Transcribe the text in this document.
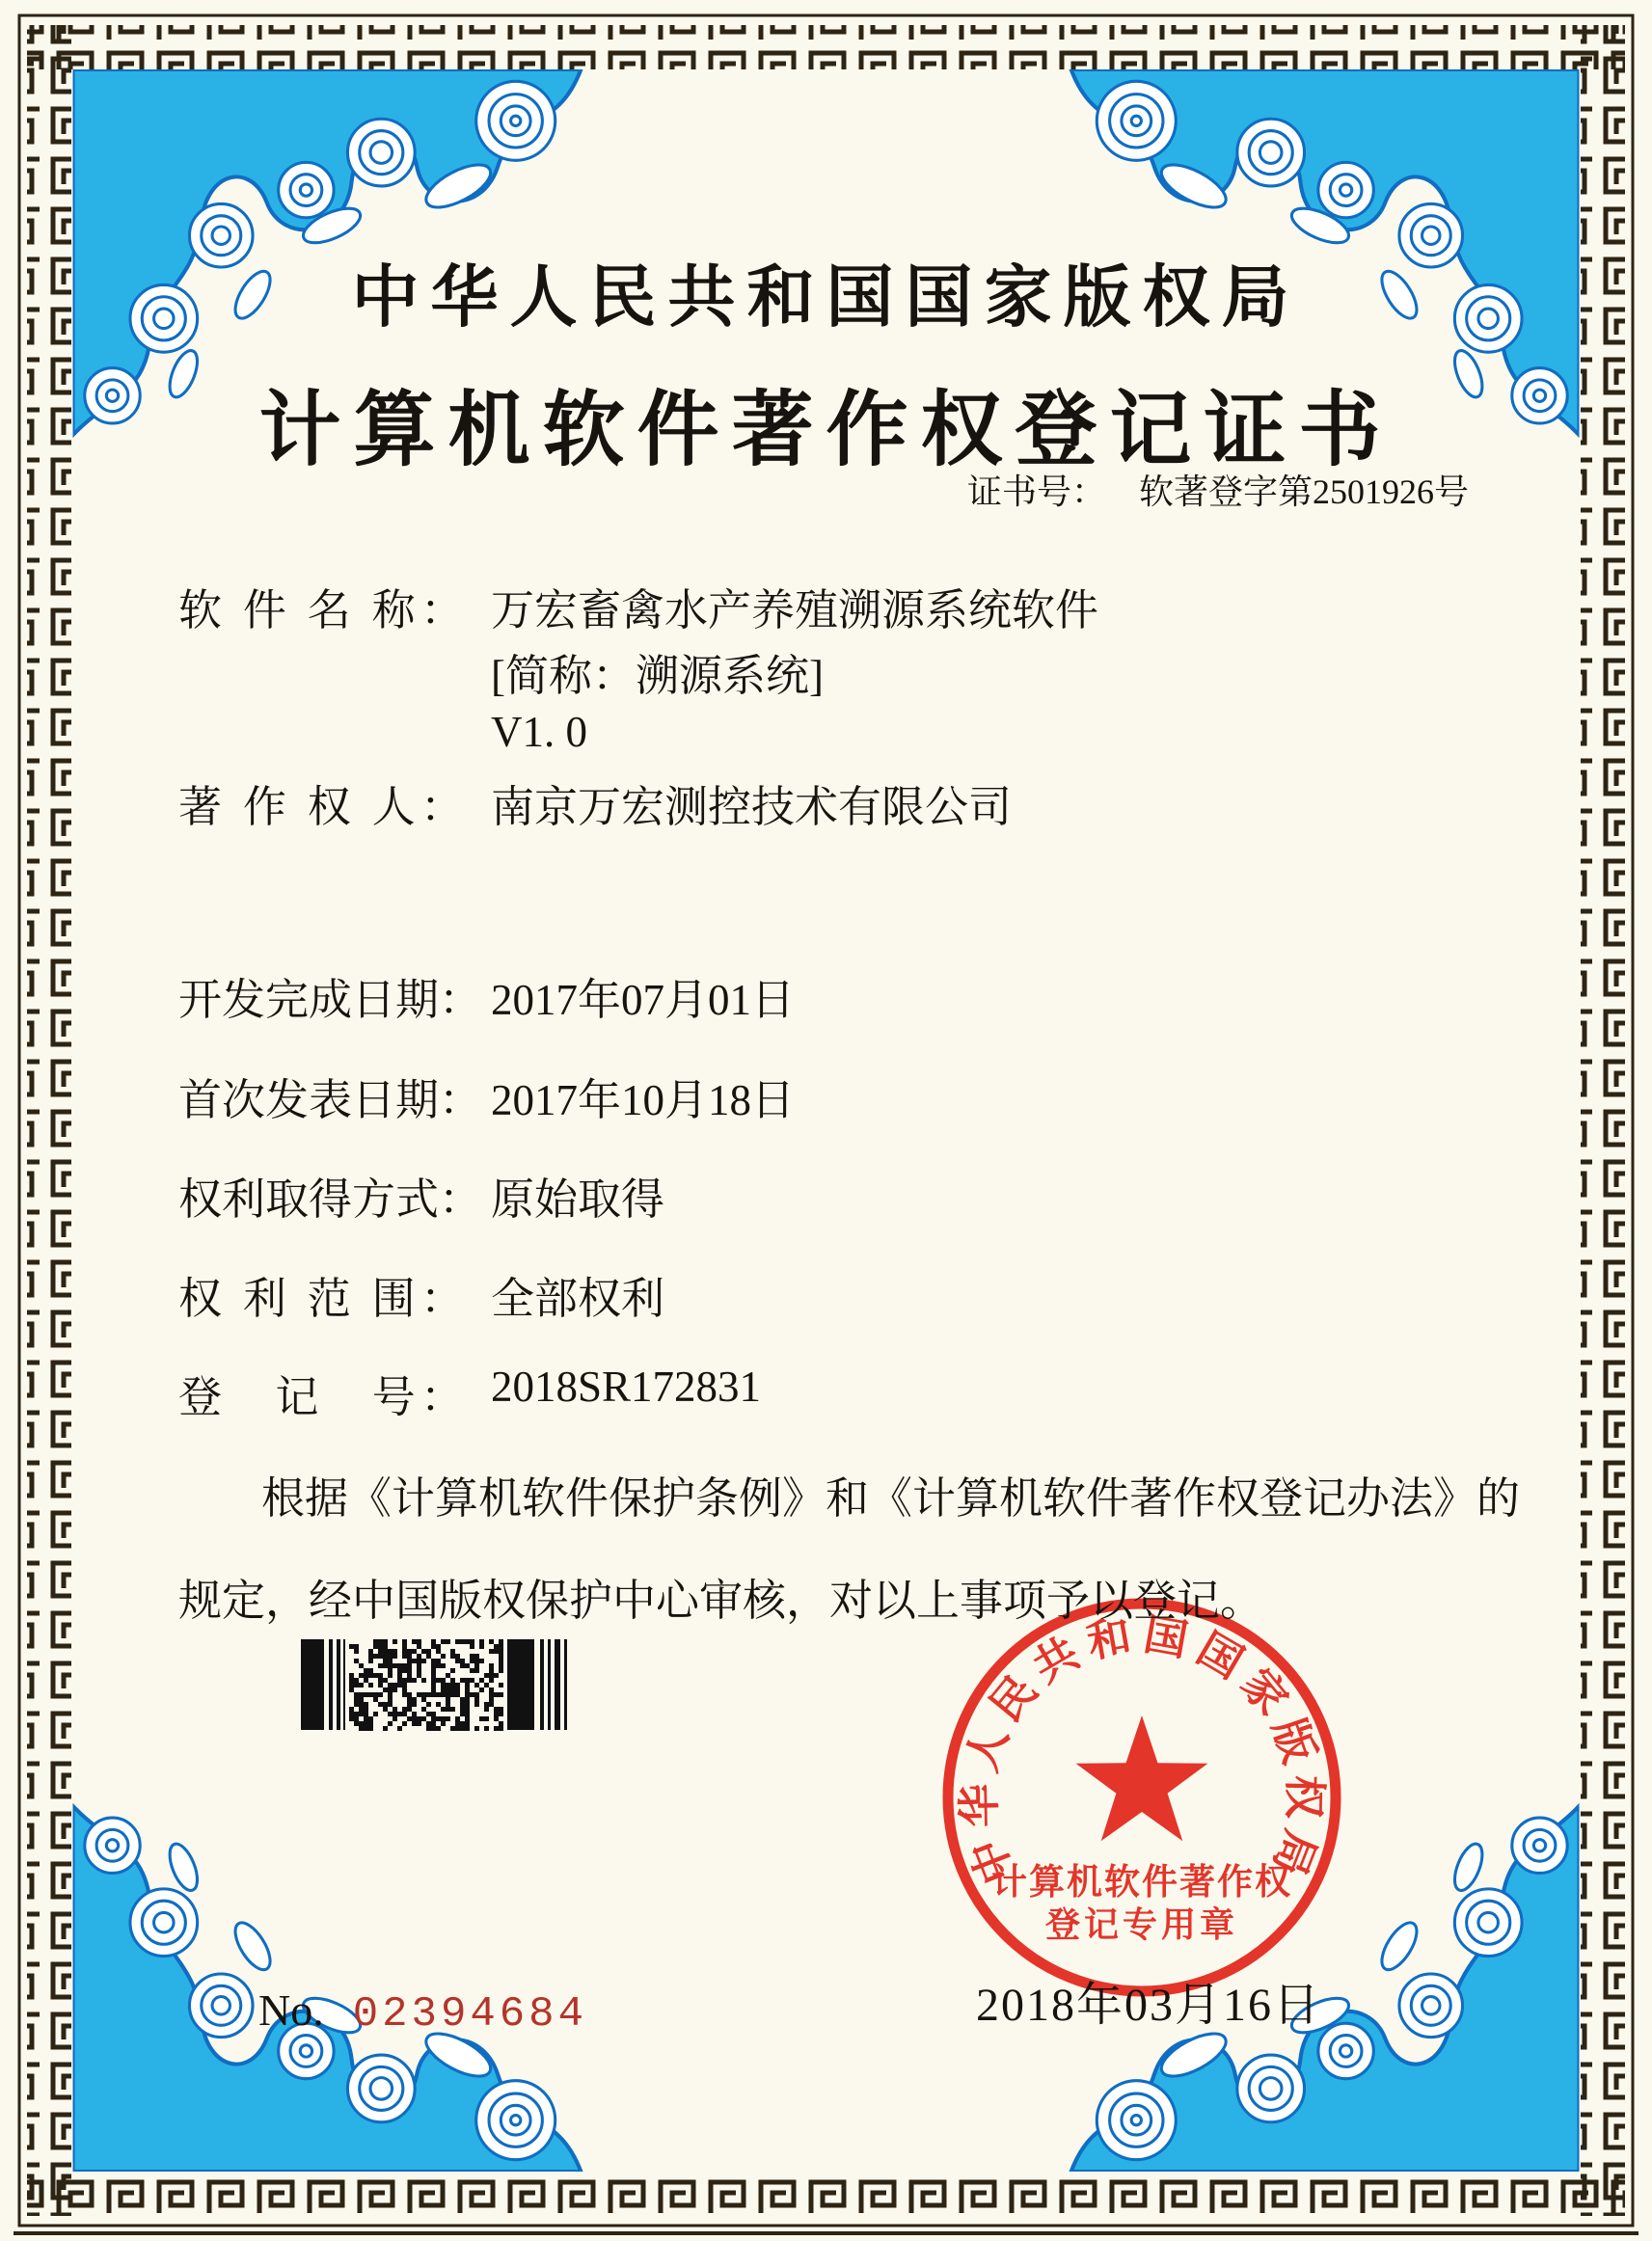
中华人民共和国国家版权局
计算机软件著作权登记证书
证书号： 软著登字第2501926号
软 件 名 称： 万宏畜禽水产养殖溯源系统软件
[简称：溯源系统]
V1. 0
著 作 权 人： 南京万宏测控技术有限公司
开发完成日期： 2017年07月01日
首次发表日期： 2017年10月18日
权利取得方式： 原始取得
权 利 范 围： 全部权利
登　记　号： 2018SR172831
根据《计算机软件保护条例》和《计算机软件著作权登记办法》的
规定，经中国版权保护中心审核，对以上事项予以登记。
中华人民共和国国家版权局
计算机软件著作权
登记专用章
2018年03月16日
No. 02394684
